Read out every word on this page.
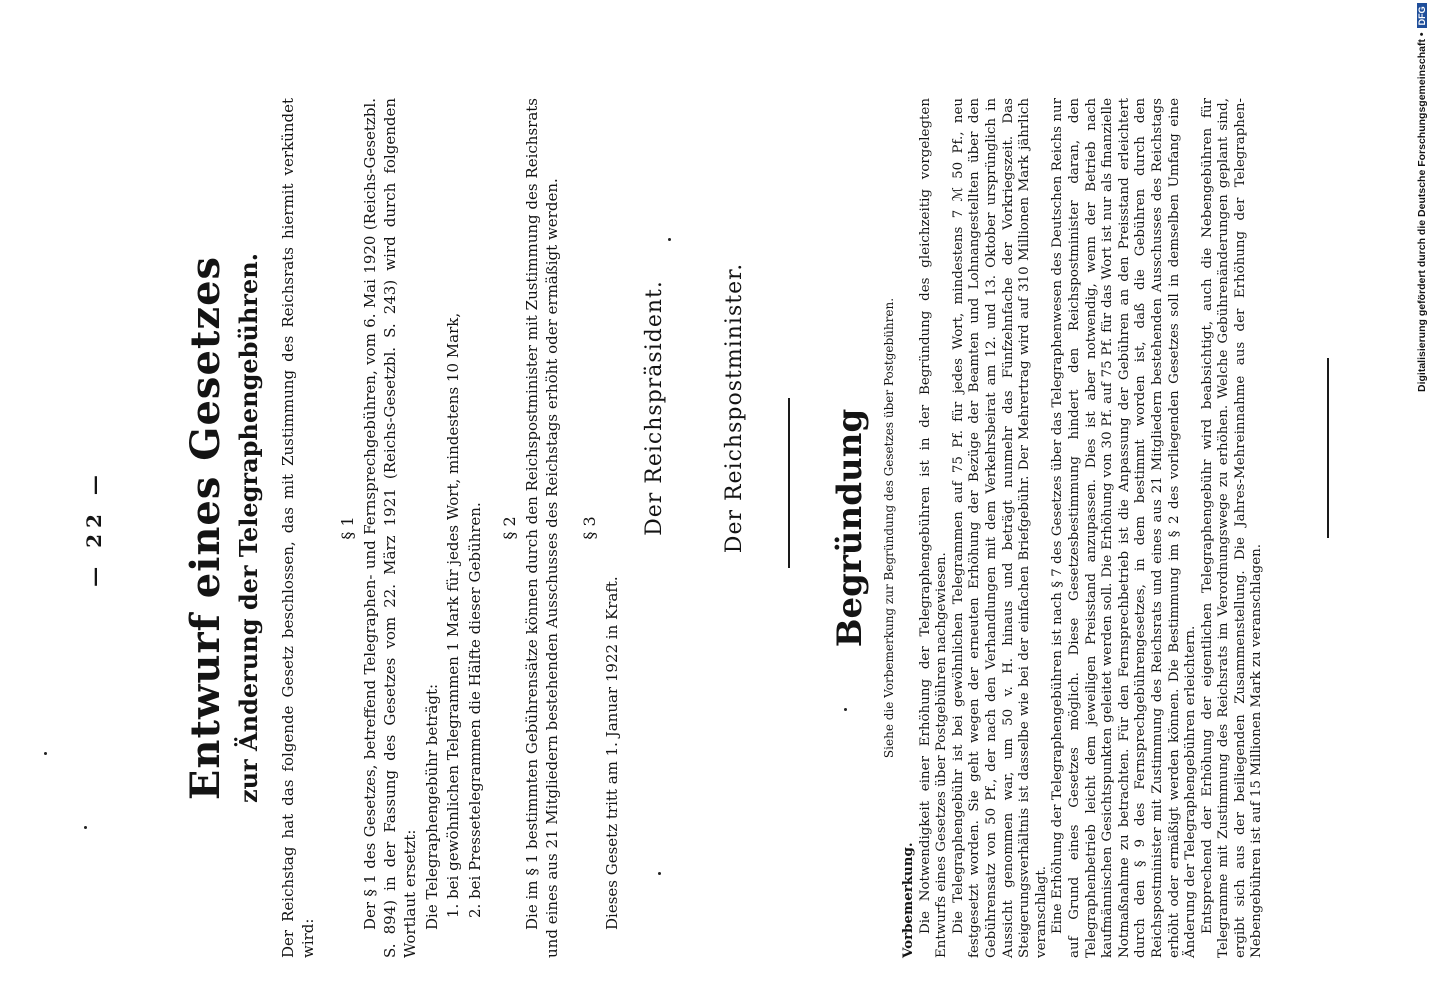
— 22 — Entwurf eines Gesetzes zur Änderung der Telegraphengebühren. Der Reichstag hat das folgende Gesetz beschlossen, das mit Zustimmung des Reichsrats hiermit verkündet wird:
§ 1 Der § 1 des Gesetzes, betreffend Telegraphen- und Fernsprechgebühren, vom 6. Mai 1920 (Reichs-Gesetzbl. S. 894) in der Fassung des Gesetzes vom 22. März 1921 (Reichs-Gesetzbl. S. 243) wird durch folgenden Wortlaut ersetzt: Die Telegraphengebühr beträgt: 1. bei gewöhnlichen Telegrammen 1 Mark für jedes Wort, mindestens 10 Mark, 2. bei Pressetelegrammen die Hälfte dieser Gebühren. § 2 Die im § 1 bestimmten Gebührensätze können durch den Reichspostminister mit Zustimmung des Reichsrats und eines aus 21 Mitgliedern bestehenden Ausschusses des Reichstags erhöht oder ermäßigt werden. § 3
Dieses Gesetz tritt am 1. Januar 1922 in Kraft.
Der Reichspräsident.	Der Reichspostminister. Begründung Siehe die Vorbemerkung zur Begründung des Gesetzes über Postgebühren.

Vorbemerkung. Die Notwendigkeit einer Erhöhung der Telegraphengebühren ist in der Begründung des gleichzeitig vorgelegten Entwurfs eines Gesetzes über Postgebühren nachgewiesen. Die Telegraphengebühr ist bei gewöhnlichen Telegrammen auf 75 Pf. für jedes Wort, mindestens 7 ℳ 50 Pf., neu festgesetzt worden. Sie geht wegen der erneuten Erhöhung der Bezüge der Beamten und Lohnangestellten über den Gebührensatz von 50 Pf., der nach den Verhandlungen mit dem Verkehrsbeirat am 12. und 13. Oktober ursprünglich in Aussicht genommen war, um 50 v. H. hinaus und beträgt nunmehr das Fünfzehnfache der Vorkriegszeit. Das Steigerungsverhältnis ist dasselbe wie bei der einfachen Briefgebühr. Der Mehrertrag wird auf 310 Millionen Mark jährlich veranschlagt. Eine Erhöhung der Telegraphengebühren ist nach § 7 des Gesetzes über das Telegraphenwesen des Deutschen Reichs nur auf Grund eines Gesetzes möglich. Diese Gesetzesbestimmung hindert den Reichspostminister daran, den Telegraphenbetrieb leicht dem jeweiligen Preisstand anzupassen. Dies ist aber notwendig, wenn der Betrieb nach kaufmännischen Gesichtspunkten geleitet werden soll. Die Erhöhung von 30 Pf. auf 75 Pf. für das Wort ist nur als finanzielle Notmaßnahme zu betrachten. Für den Fernsprechbetrieb ist die Anpassung der Gebühren an den Preisstand erleichtert durch den § 9 des Fernsprechgebührengesetzes, in dem bestimmt worden ist, daß die Gebühren durch den Reichspostminister mit Zustimmung des Reichsrats und eines aus 21 Mitgliedern bestehenden Ausschusses des Reichstags erhöht oder ermäßigt werden können. Die Bestimmung im § 2 des vorliegenden Gesetzes soll in demselben Umfang eine Änderung der Telegraphengebühren erleichtern. Entsprechend der Erhöhung der eigentlichen Telegraphengebühr wird beabsichtigt, auch die Nebengebühren für Telegramme mit Zustimmung des Reichsrats im Verordnungswege zu erhöhen. Welche Gebührenänderungen geplant sind, ergibt sich aus der beiliegenden Zusammenstellung. Die Jahres-Mehreinnahme aus der Erhöhung der Telegraphen-Nebengebühren ist auf 15 Millionen Mark zu veranschlagen.

Digitalisierung gefördert durch die Deutsche Forschungsgemeinschaft •DFG
